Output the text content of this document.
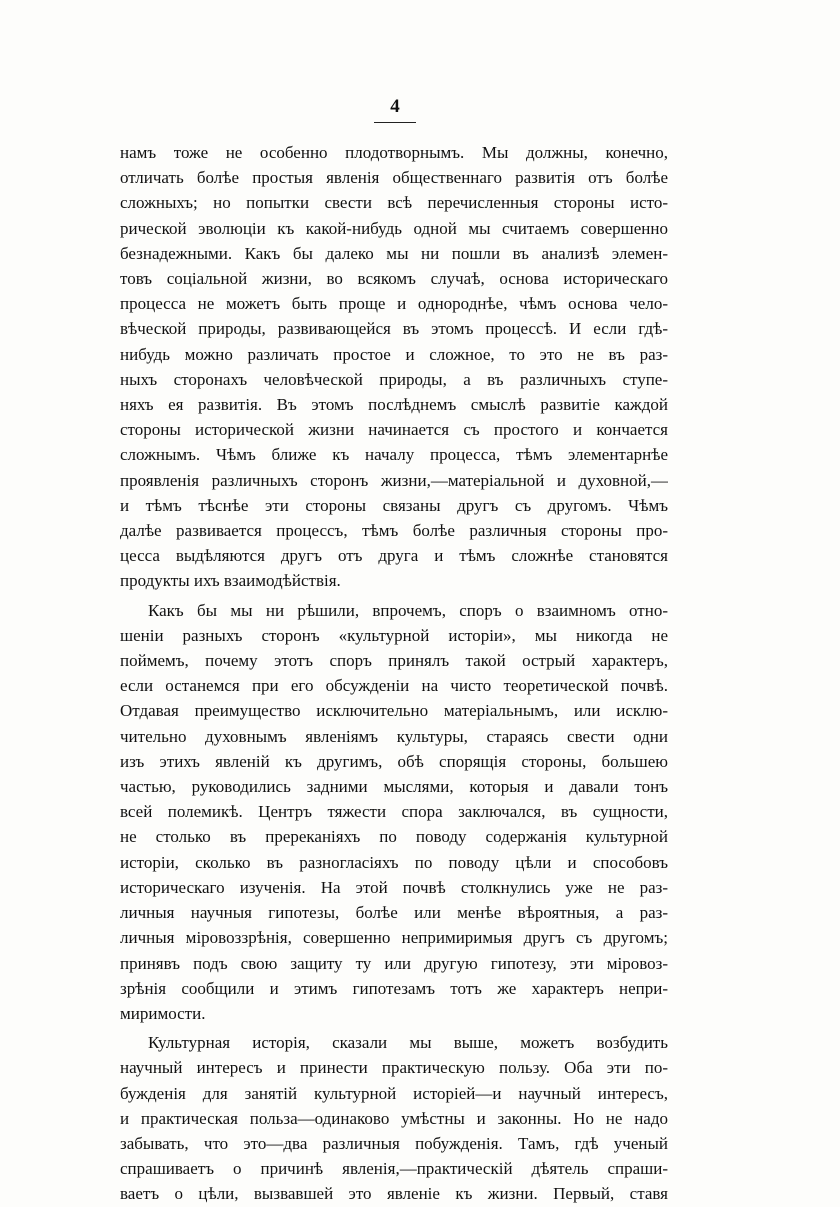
4
намъ тоже не особенно плодотворнымъ. Мы должны, конечно,
отличать болѣе простыя явленія общественнаго развитія отъ болѣе
сложныхъ; но попытки свести всѣ перечисленныя стороны исто-
рической эволюціи къ какой-нибудь одной мы считаемъ совершенно
безнадежными. Какъ бы далеко мы ни пошли въ анализѣ элемен-
товъ соціальной жизни, во всякомъ случаѣ, основа историческаго
процесса не можетъ быть проще и однороднѣе, чѣмъ основа чело-
вѣческой природы, развивающейся въ этомъ процессѣ. И если гдѣ-
нибудь можно различать простое и сложное, то это не въ раз-
ныхъ сторонахъ человѣческой природы, а въ различныхъ ступе-
няхъ ея развитія. Въ этомъ послѣднемъ смыслѣ развитіе каждой
стороны исторической жизни начинается съ простого и кончается
сложнымъ. Чѣмъ ближе къ началу процесса, тѣмъ элементарнѣе
проявленія различныхъ сторонъ жизни,—матеріальной и духовной,—
и тѣмъ тѣснѣе эти стороны связаны другъ съ другомъ. Чѣмъ
далѣе развивается процессъ, тѣмъ болѣе различныя стороны про-
цесса выдѣляются другъ отъ друга и тѣмъ сложнѣе становятся
продукты ихъ взаимодѣйствія.
Какъ бы мы ни рѣшили, впрочемъ, споръ о взаимномъ отно-
шеніи разныхъ сторонъ «культурной исторіи», мы никогда не
поймемъ, почему этотъ споръ принялъ такой острый характеръ,
если останемся при его обсужденіи на чисто теоретической почвѣ.
Отдавая преимущество исключительно матеріальнымъ, или исклю-
чительно духовнымъ явленіямъ культуры, стараясь свести одни
изъ этихъ явленій къ другимъ, обѣ спорящія стороны, большею
частью, руководились задними мыслями, которыя и давали тонъ
всей полемикѣ. Центръ тяжести спора заключался, въ сущности,
не столько въ пререканіяхъ по поводу содержанія культурной
исторіи, сколько въ разногласіяхъ по поводу цѣли и способовъ
историческаго изученія. На этой почвѣ столкнулись уже не раз-
личныя научныя гипотезы, болѣе или менѣе вѣроятныя, а раз-
личныя міровоззрѣнія, совершенно непримиримыя другъ съ другомъ;
принявъ подъ свою защиту ту или другую гипотезу, эти міровоз-
зрѣнія сообщили и этимъ гипотезамъ тотъ же характеръ непри-
миримости.
Культурная исторія, сказали мы выше, можетъ возбудить
научный интересъ и принести практическую пользу. Оба эти по-
бужденія для занятій культурной исторіей—и научный интересъ,
и практическая польза—одинаково умѣстны и законны. Но не надо
забывать, что это—два различныя побужденія. Тамъ, гдѣ ученый
спрашиваетъ о причинѣ явленія,—практическій дѣятель спраши-
ваетъ о цѣли, вызвавшей это явленіе къ жизни. Первый, ставя
